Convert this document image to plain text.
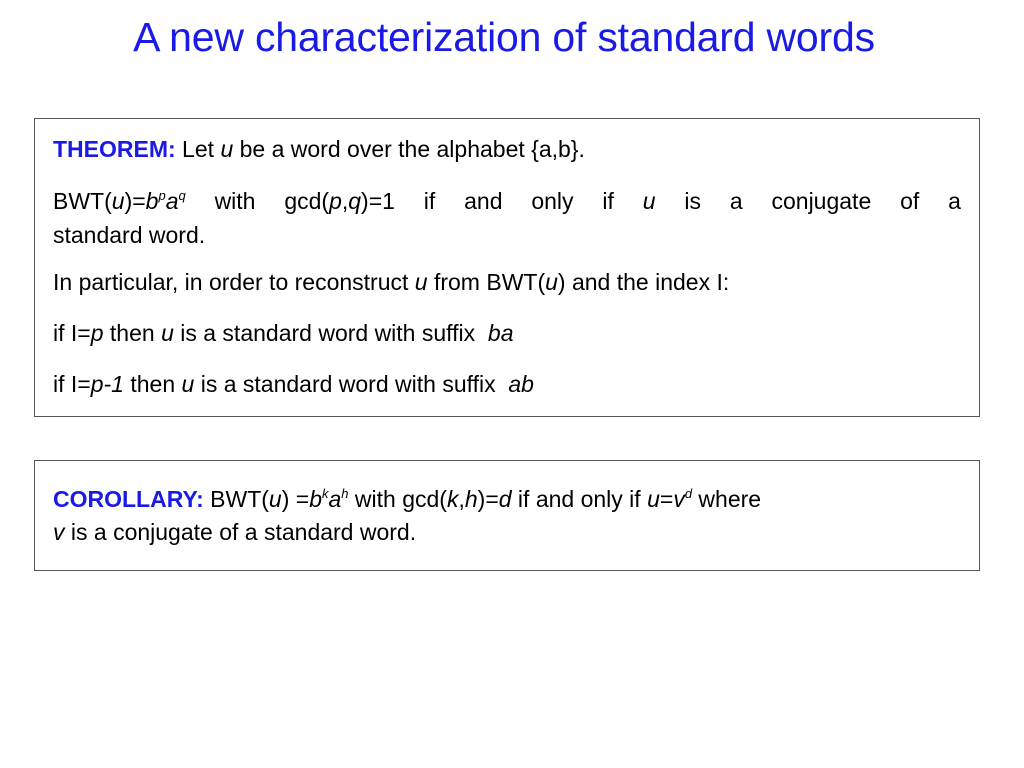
A new characterization of standard words
THEOREM: Let u be a word over the alphabet {a,b}.
$BWT(u)=b^pa^q$ with gcd(p,q)=1 if and only if u is a conjugate of a
standard word.
In particular, in order to reconstruct u from BWT(u) and the index I:
if I=p then u is a standard word with suffix  ba
if I=p-1 then u is a standard word with suffix  ab
COROLLARY: $BWT(u) =b^ka^h$ with gcd(k,h)=d if and only if $u=v^d$ where
v is a conjugate of a standard word.
